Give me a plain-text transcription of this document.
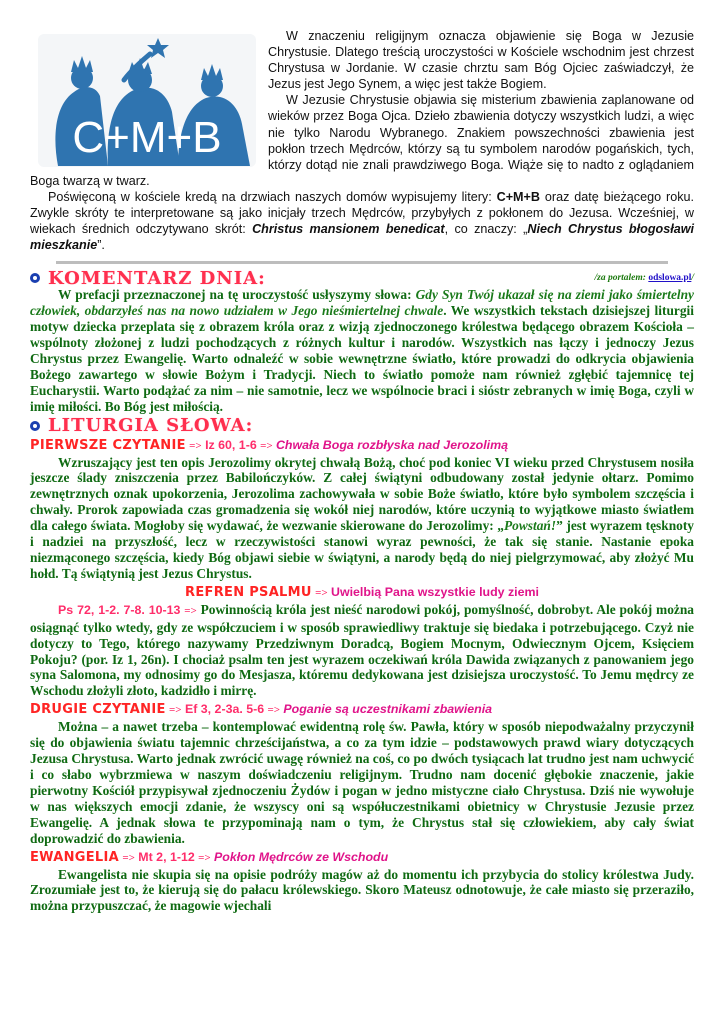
C+M+B

W znaczeniu religijnym oznacza objawienie się Boga w Jezusie Chrystusie. Dlatego treścią uroczystości w Kościele wschodnim jest chrzest Chrystusa w Jordanie. W czasie chrztu sam Bóg Ojciec zaświadczył, że Jezus jest Jego Synem, a więc jest także Bogiem.

W Jezusie Chrystusie objawia się misterium zbawienia zaplanowane od wieków przez Boga Ojca. Dzieło zbawienia dotyczy wszystkich ludzi, a więc nie tylko Narodu Wybranego. Znakiem powszechności zbawienia jest pokłon trzech Mędrców, którzy są tu symbolem narodów pogańskich, tych, którzy dotąd nie znali prawdziwego Boga. Wiąże się to nadto z oglądaniem Boga twarzą w twarz.

Poświęconą w kościele kredą na drzwiach naszych domów wypisujemy litery: C+M+B oraz datę bieżącego roku. Zwykle skróty te interpretowane są jako inicjały trzech Mędrców, przybyłych z pokłonem do Jezusa. Wcześniej, w wiekach średnich odczytywano skrót: Christus mansionem benedicat, co znaczy: „Niech Chrystus błogosławi mieszkanie”.

KOMENTARZ DNIA:	/za portalem: odslowa.pl/

W prefacji przeznaczonej na tę uroczystość usłyszymy słowa: Gdy Syn Twój ukazał się na ziemi jako śmiertelny człowiek, obdarzyłeś nas na nowo udziałem w Jego nieśmiertelnej chwale. We wszystkich tekstach dzisiejszej liturgii motyw dziecka przeplata się z obrazem króla oraz z wizją zjednoczonego królestwa będącego obrazem Kościoła – wspólnoty złożonej z ludzi pochodzących z różnych kultur i narodów. Wszystkich nas łączy i jednoczy Jezus Chrystus przez Ewangelię. Warto odnaleźć w sobie wewnętrzne światło, które prowadzi do odkrycia objawienia Bożego zawartego w słowie Bożym i Tradycji. Niech to światło pomoże nam również zgłębić tajemnicę tej Eucharystii. Warto podążać za nim – nie samotnie, lecz we wspólnocie braci i sióstr zebranych w imię Boga, czyli w imię miłości. Bo Bóg jest miłością.

LITURGIA SŁOWA:
PIERWSZE CZYTANIE => Iz 60, 1-6 => Chwała Boga rozbłyska nad Jerozolimą

Wzruszający jest ten opis Jerozolimy okrytej chwałą Bożą, choć pod koniec VI wieku przed Chrystusem nosiła jeszcze ślady zniszczenia przez Babilończyków. Z całej świątyni odbudowany został jedynie ołtarz. Pomimo zewnętrznych oznak upokorzenia, Jerozolima zachowywała w sobie Boże światło, które było symbolem szczęścia i chwały. Prorok zapowiada czas gromadzenia się wokół niej narodów, które uczynią to wyjątkowe miasto światłem dla całego świata. Mogłoby się wydawać, że wezwanie skierowane do Jerozolimy: „Powstań!” jest wyrazem tęsknoty i nadziei na przyszłość, lecz w rzeczywistości stanowi wyraz pewności, że tak się stanie. Nastanie epoka niezmąconego szczęścia, kiedy Bóg objawi siebie w świątyni, a narody będą do niej pielgrzymować, aby złożyć Mu hołd. Tą świątynią jest Jezus Chrystus.

REFREN PSALMU => Uwielbią Pana wszystkie ludy ziemi

Ps 72, 1-2. 7-8. 10-13 => Powinnością króla jest nieść narodowi pokój, pomyślność, dobrobyt. Ale pokój można osiągnąć tylko wtedy, gdy ze współczuciem i w sposób sprawiedliwy traktuje się biedaka i potrzebującego. Czyż nie dotyczy to Tego, którego nazywamy Przedziwnym Doradcą, Bogiem Mocnym, Odwiecznym Ojcem, Księciem Pokoju? (por. Iz 1, 26n). I chociaż psalm ten jest wyrazem oczekiwań króla Dawida związanych z panowaniem jego syna Salomona, my odnosimy go do Mesjasza, któremu dedykowana jest dzisiejsza uroczystość. To Jemu mędrcy ze Wschodu złożyli złoto, kadzidło i mirrę.

DRUGIE CZYTANIE => Ef 3, 2-3a. 5-6 => Poganie są uczestnikami zbawienia

Można – a nawet trzeba – kontemplować ewidentną rolę św. Pawła, który w sposób niepodważalny przyczynił się do objawienia światu tajemnic chrześcijaństwa, a co za tym idzie – podstawowych prawd wiary dotyczących Jezusa Chrystusa. Warto jednak zwrócić uwagę również na coś, co po dwóch tysiącach lat trudno jest nam uchwycić i co słabo wybrzmiewa w naszym doświadczeniu religijnym. Trudno nam docenić głębokie znaczenie, jakie pierwotny Kościół przypisywał zjednoczeniu Żydów i pogan w jedno mistyczne ciało Chrystusa. Dziś nie wywołuje w nas większych emocji zdanie, że wszyscy oni są współuczestnikami obietnicy w Chrystusie Jezusie przez Ewangelię. A jednak słowa te przypominają nam o tym, że Chrystus stał się człowiekiem, aby cały świat doprowadzić do zbawienia.

EWANGELIA => Mt 2, 1-12 => Pokłon Mędrców ze Wschodu

Ewangelista nie skupia się na opisie podróży magów aż do momentu ich przybycia do stolicy królestwa Judy. Zrozumiałe jest to, że kierują się do pałacu królewskiego. Skoro Mateusz odnotowuje, że całe miasto się przeraziło, można przypuszczać, że magowie wjechali
